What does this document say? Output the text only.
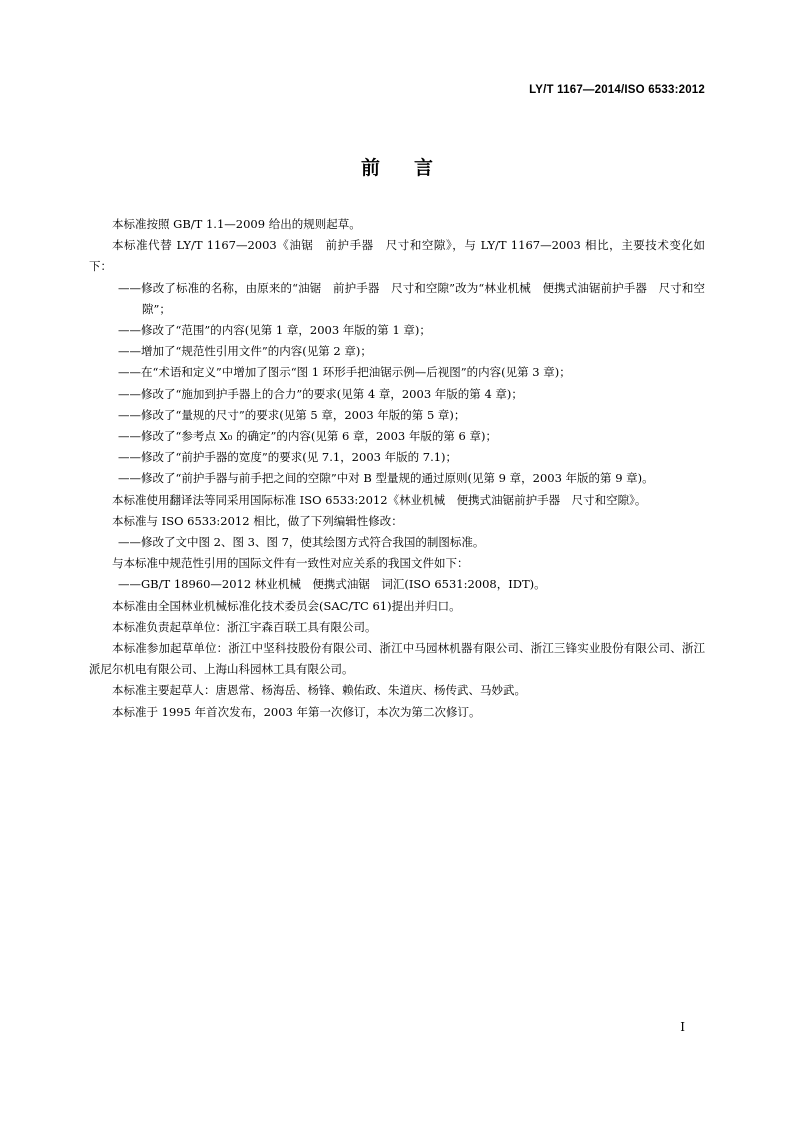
LY/T 1167—2014/ISO 6533:2012
前言

本标准按照 GB/T 1.1—2009 给出的规则起草。

本标准代替 LY/T 1167—2003《油锯　前护手器　尺寸和空隙》，与 LY/T 1167—2003 相比，主要技术变化如下：

——修改了标准的名称，由原来的“油锯　前护手器　尺寸和空隙”改为“林业机械　便携式油锯前护手器　尺寸和空隙”；

——修改了“范围”的内容(见第 1 章，2003 年版的第 1 章)；

——增加了“规范性引用文件”的内容(见第 2 章)；

——在“术语和定义”中增加了图示“图 1 环形手把油锯示例—后视图”的内容(见第 3 章)；

——修改了“施加到护手器上的合力”的要求(见第 4 章，2003 年版的第 4 章)；

——修改了“量规的尺寸”的要求(见第 5 章，2003 年版的第 5 章)；

——修改了“参考点 X₀ 的确定”的内容(见第 6 章，2003 年版的第 6 章)；

——修改了“前护手器的宽度”的要求(见 7.1，2003 年版的 7.1)；

——修改了“前护手器与前手把之间的空隙”中对 B 型量规的通过原则(见第 9 章，2003 年版的第 9 章)。

本标准使用翻译法等同采用国际标准 ISO 6533:2012《林业机械　便携式油锯前护手器　尺寸和空隙》。

本标准与 ISO 6533:2012 相比，做了下列编辑性修改：

——修改了文中图 2、图 3、图 7，使其绘图方式符合我国的制图标准。

与本标准中规范性引用的国际文件有一致性对应关系的我国文件如下：

——GB/T 18960—2012 林业机械　便携式油锯　词汇(ISO 6531:2008，IDT)。

本标准由全国林业机械标准化技术委员会(SAC/TC 61)提出并归口。

本标准负责起草单位：浙江宇森百联工具有限公司。

本标准参加起草单位：浙江中坚科技股份有限公司、浙江中马园林机器有限公司、浙江三锋实业股份有限公司、浙江派尼尔机电有限公司、上海山科园林工具有限公司。

本标准主要起草人：唐恩常、杨海岳、杨锋、赖佑政、朱道庆、杨传武、马妙武。

本标准于 1995 年首次发布，2003 年第一次修订，本次为第二次修订。

I
